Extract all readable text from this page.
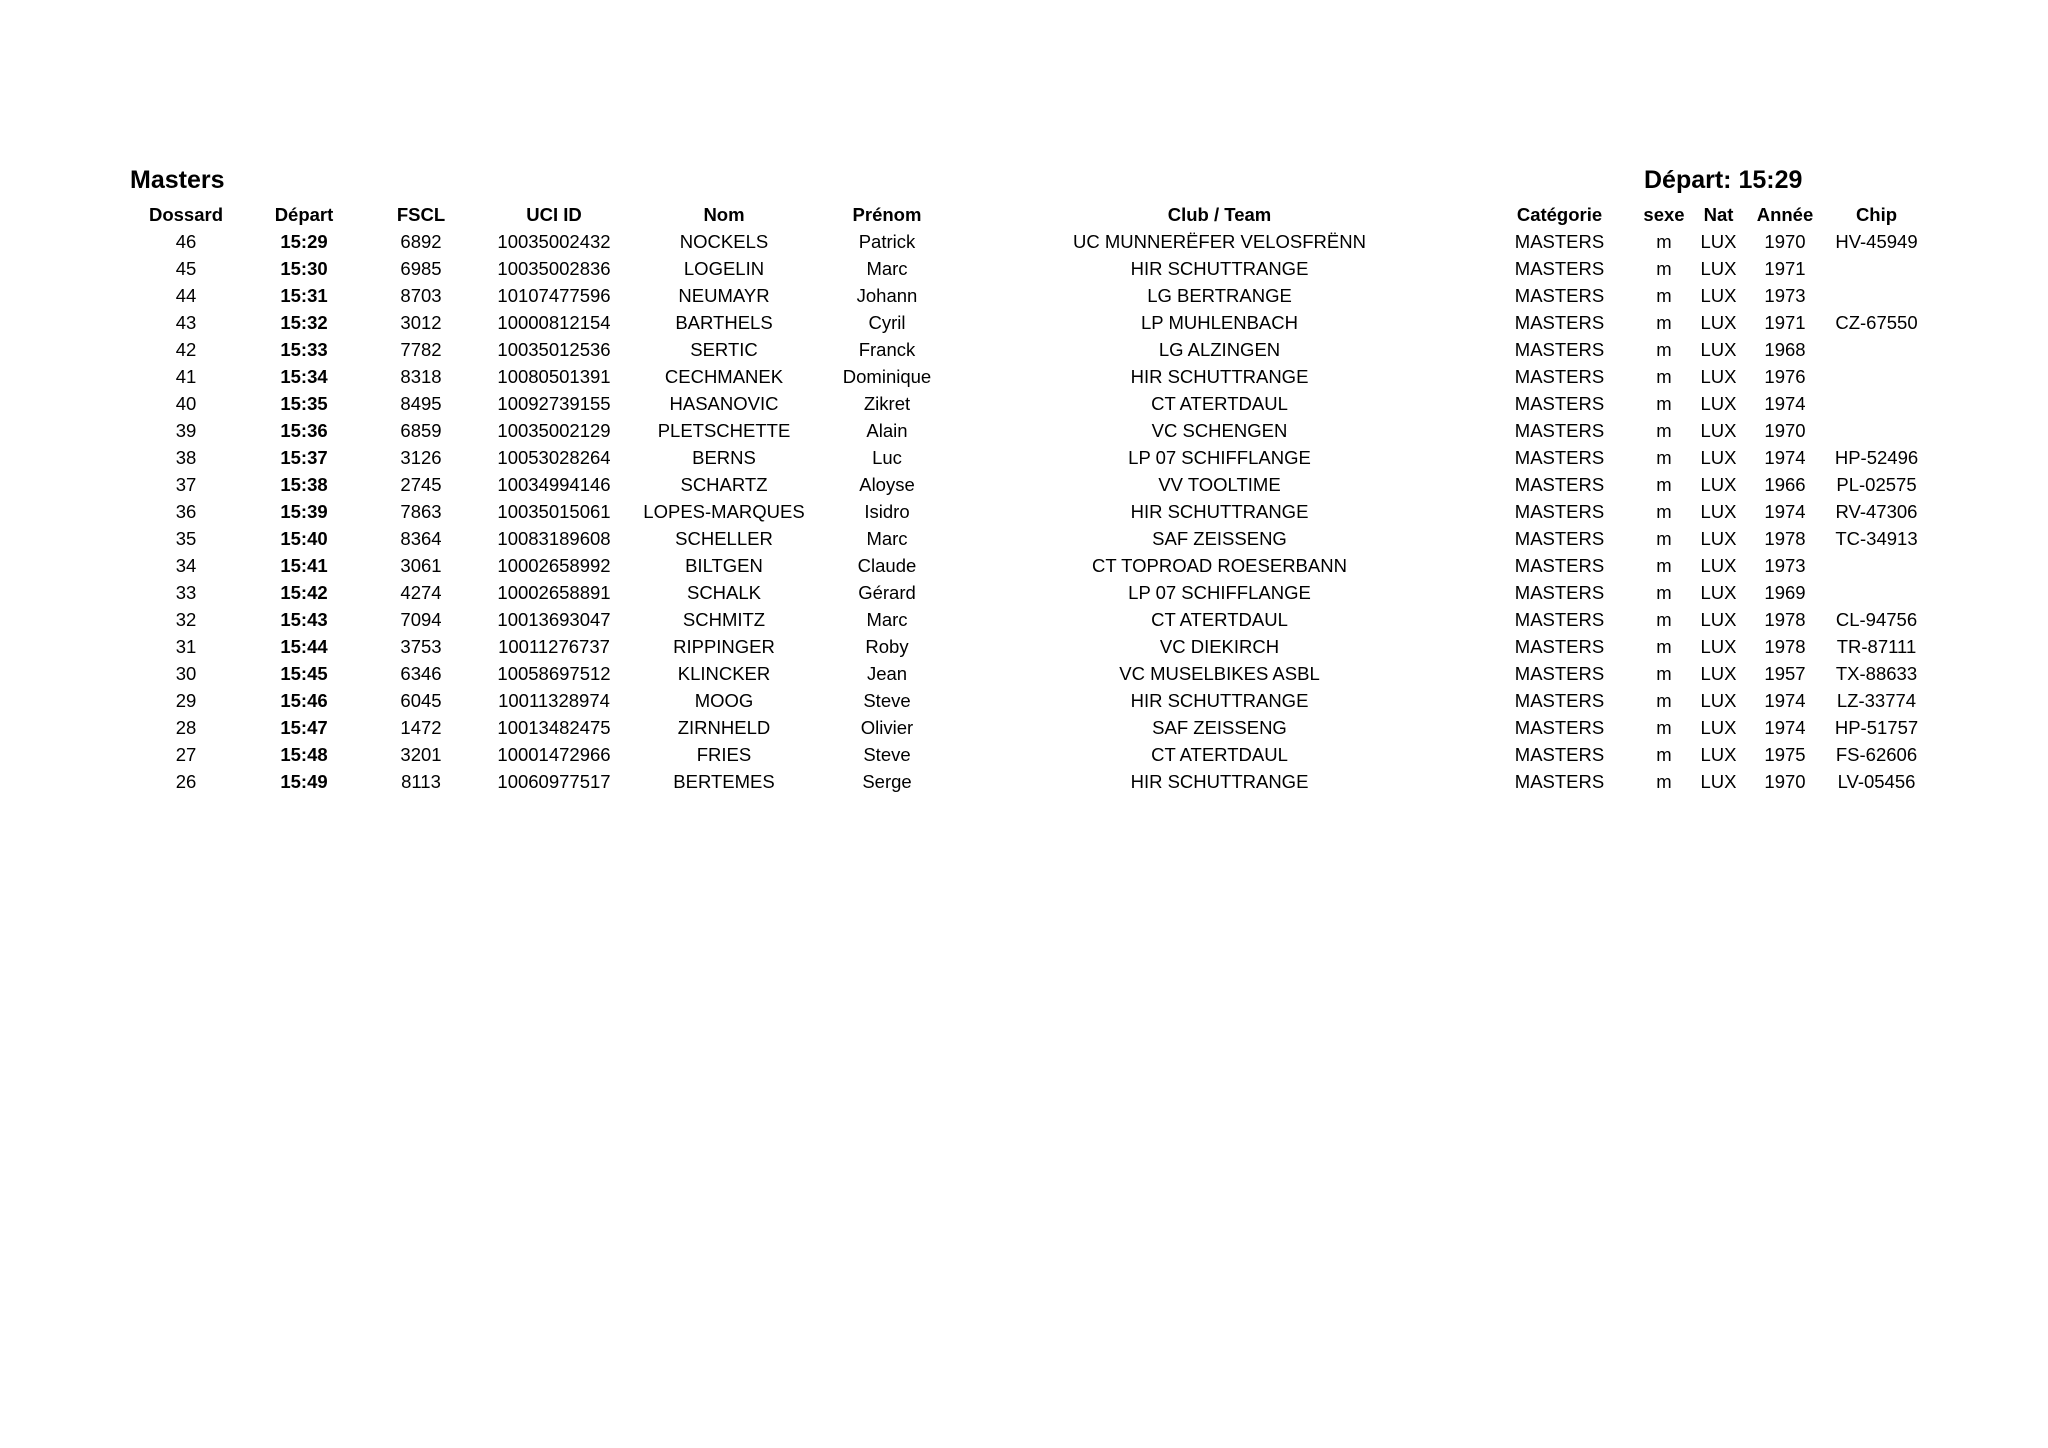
Masters	Départ: 15:29
Dossard	Départ	FSCL	UCI ID	Nom	Prénom	Club / Team	Catégorie	sexe	Nat	Année	Chip
46	15:29	6892	10035002432	NOCKELS	Patrick	UC MUNNERËFER VELOSFRËNN	MASTERS	m	LUX	1970	HV-45949
45	15:30	6985	10035002836	LOGELIN	Marc	HIR SCHUTTRANGE	MASTERS	m	LUX	1971	
44	15:31	8703	10107477596	NEUMAYR	Johann	LG BERTRANGE	MASTERS	m	LUX	1973	
43	15:32	3012	10000812154	BARTHELS	Cyril	LP MUHLENBACH	MASTERS	m	LUX	1971	CZ-67550
42	15:33	7782	10035012536	SERTIC	Franck	LG ALZINGEN	MASTERS	m	LUX	1968	
41	15:34	8318	10080501391	CECHMANEK	Dominique	HIR SCHUTTRANGE	MASTERS	m	LUX	1976	
40	15:35	8495	10092739155	HASANOVIC	Zikret	CT ATERTDAUL	MASTERS	m	LUX	1974	
39	15:36	6859	10035002129	PLETSCHETTE	Alain	VC SCHENGEN	MASTERS	m	LUX	1970	
38	15:37	3126	10053028264	BERNS	Luc	LP 07 SCHIFFLANGE	MASTERS	m	LUX	1974	HP-52496
37	15:38	2745	10034994146	SCHARTZ	Aloyse	VV TOOLTIME	MASTERS	m	LUX	1966	PL-02575
36	15:39	7863	10035015061	LOPES-MARQUES	Isidro	HIR SCHUTTRANGE	MASTERS	m	LUX	1974	RV-47306
35	15:40	8364	10083189608	SCHELLER	Marc	SAF ZEISSENG	MASTERS	m	LUX	1978	TC-34913
34	15:41	3061	10002658992	BILTGEN	Claude	CT TOPROAD ROESERBANN	MASTERS	m	LUX	1973	
33	15:42	4274	10002658891	SCHALK	Gérard	LP 07 SCHIFFLANGE	MASTERS	m	LUX	1969	
32	15:43	7094	10013693047	SCHMITZ	Marc	CT ATERTDAUL	MASTERS	m	LUX	1978	CL-94756
31	15:44	3753	10011276737	RIPPINGER	Roby	VC DIEKIRCH	MASTERS	m	LUX	1978	TR-87111
30	15:45	6346	10058697512	KLINCKER	Jean	VC MUSELBIKES ASBL	MASTERS	m	LUX	1957	TX-88633
29	15:46	6045	10011328974	MOOG	Steve	HIR SCHUTTRANGE	MASTERS	m	LUX	1974	LZ-33774
28	15:47	1472	10013482475	ZIRNHELD	Olivier	SAF ZEISSENG	MASTERS	m	LUX	1974	HP-51757
27	15:48	3201	10001472966	FRIES	Steve	CT ATERTDAUL	MASTERS	m	LUX	1975	FS-62606
26	15:49	8113	10060977517	BERTEMES	Serge	HIR SCHUTTRANGE	MASTERS	m	LUX	1970	LV-05456
